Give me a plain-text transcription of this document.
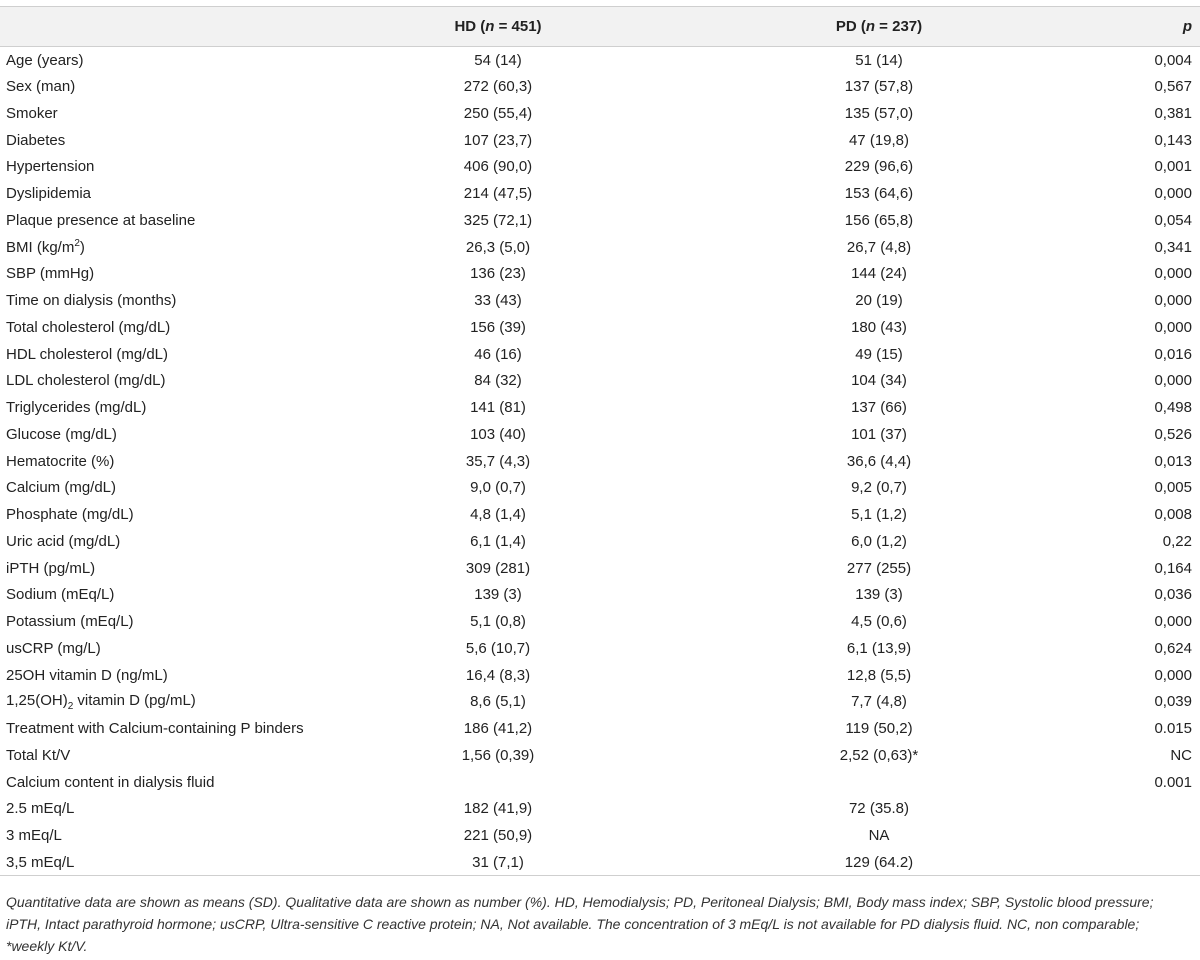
	HD (n = 451)	PD (n = 237)	p
Age (years)	54 (14)	51 (14)	0,004
Sex (man)	272 (60,3)	137 (57,8)	0,567
Smoker	250 (55,4)	135 (57,0)	0,381
Diabetes	107 (23,7)	47 (19,8)	0,143
Hypertension	406 (90,0)	229 (96,6)	0,001
Dyslipidemia	214 (47,5)	153 (64,6)	0,000
Plaque presence at baseline	325 (72,1)	156 (65,8)	0,054
BMI $(kg/m^2)$	26,3 (5,0)	26,7 (4,8)	0,341
SBP (mmHg)	136 (23)	144 (24)	0,000
Time on dialysis (months)	33 (43)	20 (19)	0,000
Total cholesterol (mg/dL)	156 (39)	180 (43)	0,000
HDL cholesterol (mg/dL)	46 (16)	49 (15)	0,016
LDL cholesterol (mg/dL)	84 (32)	104 (34)	0,000
Triglycerides (mg/dL)	141 (81)	137 (66)	0,498
Glucose (mg/dL)	103 (40)	101 (37)	0,526
Hematocrite (%)	35,7 (4,3)	36,6 (4,4)	0,013
Calcium (mg/dL)	9,0 (0,7)	9,2 (0,7)	0,005
Phosphate (mg/dL)	4,8 (1,4)	5,1 (1,2)	0,008
Uric acid (mg/dL)	6,1 (1,4)	6,0 (1,2)	0,22
iPTH (pg/mL)	309 (281)	277 (255)	0,164
Sodium (mEq/L)	139 (3)	139 (3)	0,036
Potassium (mEq/L)	5,1 (0,8)	4,5 (0,6)	0,000
usCRP (mg/L)	5,6 (10,7)	6,1 (13,9)	0,624
25OH vitamin D (ng/mL)	16,4 (8,3)	12,8 (5,5)	0,000
$1,25(OH)_2$ vitamin D (pg/mL)	8,6 (5,1)	7,7 (4,8)	0,039
Treatment with Calcium-containing P binders	186 (41,2)	119 (50,2)	0.015
Total Kt/V	1,56 (0,39)	2,52 (0,63)*	NC
Calcium content in dialysis fluid			0.001
2.5 mEq/L	182 (41,9)	72 (35.8)	
3 mEq/L	221 (50,9)	NA	
3,5 mEq/L	31 (7,1)	129 (64.2)	
Quantitative data are shown as means (SD). Qualitative data are shown as number (%). HD, Hemodialysis; PD, Peritoneal Dialysis; BMI, Body mass index; SBP, Systolic blood pressure; iPTH, Intact parathyroid hormone; usCRP, Ultra-sensitive C reactive protein; NA, Not available. The concentration of 3 mEq/L is not available for PD dialysis fluid. NC, non comparable; *weekly Kt/V.
